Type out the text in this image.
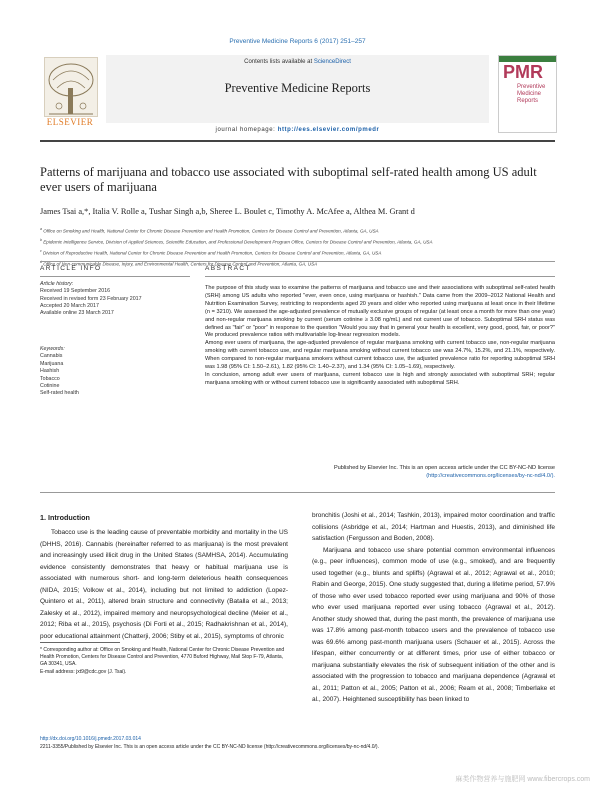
Preventive Medicine Reports 6 (2017) 251–257
ELSEVIER
Contents lists available at ScienceDirect
Preventive Medicine Reports
journal homepage: http://ees.elsevier.com/pmedr
PMR
Preventive
Medicine
Reports
Patterns of marijuana and tobacco use associated with suboptimal self-rated health among US adult ever users of marijuana
James Tsai a,*, Italia V. Rolle a, Tushar Singh a,b, Sheree L. Boulet c, Timothy A. McAfee a, Althea M. Grant d
$^a$ Office on Smoking and Health, National Center for Chronic Disease Prevention and Health Promotion, Centers for Disease Control and Prevention, Atlanta, GA, USA
$^b$ Epidemic Intelligence Service, Division of Applied Sciences, Scientific Education, and Professional Development Program Office, Centers for Disease Control and Prevention, Atlanta, GA, USA
$^c$ Division of Reproductive Health, National Center for Chronic Disease Prevention and Health Promotion, Centers for Disease Control and Prevention, Atlanta, GA, USA
$^d$ Office of Non-communicable Disease, Injury, and Environmental Health, Centers for Disease Control and Prevention, Atlanta, GA, USA
ARTICLE INFO	ABSTRACT
Article history:
Received 19 September 2016
Received in revised form 23 February 2017
Accepted 20 March 2017
Available online 23 March 2017
Keywords:
Cannabis
Marijuana
Hashish
Tobacco
Cotinine
Self-rated health

The purpose of this study was to examine the patterns of marijuana and tobacco use and their associations with suboptimal self-rated health (SRH) among US adults who reported "ever, even once, using marijuana or hashish." Data came from the 2009–2012 National Health and Nutrition Examination Survey, restricting to respondents aged 20 years and older who reported using marijuana at least once in their lifetime (n = 3210). We assessed the age-adjusted prevalence of mutually exclusive groups of regular (at least once a month for more than one year) and non-regular marijuana smoking by current (serum cotinine ≥ 3.08 ng/mL) and not current use of tobacco. Suboptimal SRH status was defined as "fair" or "poor" in response to the question "Would you say that in general your health is excellent, very good, good, fair, or poor?" We produced prevalence ratios with multivariable log-linear regression models.

Among ever users of marijuana, the age-adjusted prevalence of regular marijuana smoking with current tobacco use, non-regular marijuana smoking with current tobacco use, and regular marijuana smoking without current tobacco use was 24.7%, 15.2%, and 21.1%, respectively. When compared to non-regular marijuana smokers without current tobacco use, the adjusted prevalence ratio for reporting suboptimal SRH was 1.98 (95% CI: 1.50–2.61), 1.82 (95% CI: 1.40–2.37), and 1.34 (95% CI: 1.05–1.69), respectively.

In conclusion, among adult ever users of marijuana, current tobacco use is high and strongly associated with suboptimal SRH; regular marijuana smoking with or without current tobacco use is significantly associated with suboptimal SRH.

Published by Elsevier Inc. This is an open access article under the CC BY-NC-ND license
(http://creativecommons.org/licenses/by-nc-nd/4.0/).
1. Introduction

Tobacco use is the leading cause of preventable morbidity and mortality in the US (DHHS, 2016). Cannabis (hereinafter referred to as marijuana) is the most prevalent and increasingly used illicit drug in the United States (SAMHSA, 2014). Accumulating evidence consistently demonstrates that heavy or habitual marijuana use is associated with numerous short- and long-term deleterious health consequences (NIDA, 2015; Volkow et al., 2014), including but not limited to addiction (Lopez-Quintero et al., 2011), altered brain structure and connectivity (Batalla et al., 2013; Zalesky et al., 2012), impaired memory and neuropsychological decline (Meier et al., 2012; Riba et al., 2015), psychosis (Di Forti et al., 2015; Radhakrishnan et al., 2014), poor educational attainment (Chatterji, 2006; Stiby et al., 2015), symptoms of chronic

bronchitis (Joshi et al., 2014; Tashkin, 2013), impaired motor coordination and traffic collisions (Asbridge et al., 2014; Hartman and Huestis, 2013), and diminished life satisfaction (Fergusson and Boden, 2008).

Marijuana and tobacco use share potential common environmental influences (e.g., peer influences), common mode of use (e.g., smoked), and are frequently used together (e.g., blunts and spliffs) (Agrawal et al., 2012; Agrawal et al., 2010; Rabin and George, 2015). One study suggested that, during a lifetime period, 57.9% of those who ever used tobacco reported ever using marijuana and 90% of those who ever used marijuana reported ever using tobacco (Agrawal et al., 2012). Another study showed that, during the past month, the prevalence of marijuana use was 17.8% among past-month tobacco users and the prevalence of tobacco use was 69.6% among past-month marijuana users (Schauer et al., 2015). Across the lifespan, either concurrently or at different times, prior use of either tobacco or marijuana substantially elevates the risk of subsequent initiation of the other and is associated with the progression to tobacco and marijuana dependence (Agrawal et al., 2011; Patton et al., 2005; Patton et al., 2006; Ream et al., 2008; Timberlake et al., 2007). Heightened susceptibility has been linked to

* Corresponding author at: Office on Smoking and Health, National Center for Chronic Disease Prevention and Health Promotion, Centers for Disease Control and Prevention, 4770 Buford Highway, Mail Stop F-79, Atlanta, GA 30341, USA.
E-mail address: jxt9@cdc.gov (J. Tsai).
http://dx.doi.org/10.1016/j.pmedr.2017.03.014
2211-3355/Published by Elsevier Inc. This is an open access article under the CC BY-NC-ND license (http://creativecommons.org/licenses/by-nc-nd/4.0/).
麻类作物营养与施肥网 www.fibercrops.com
